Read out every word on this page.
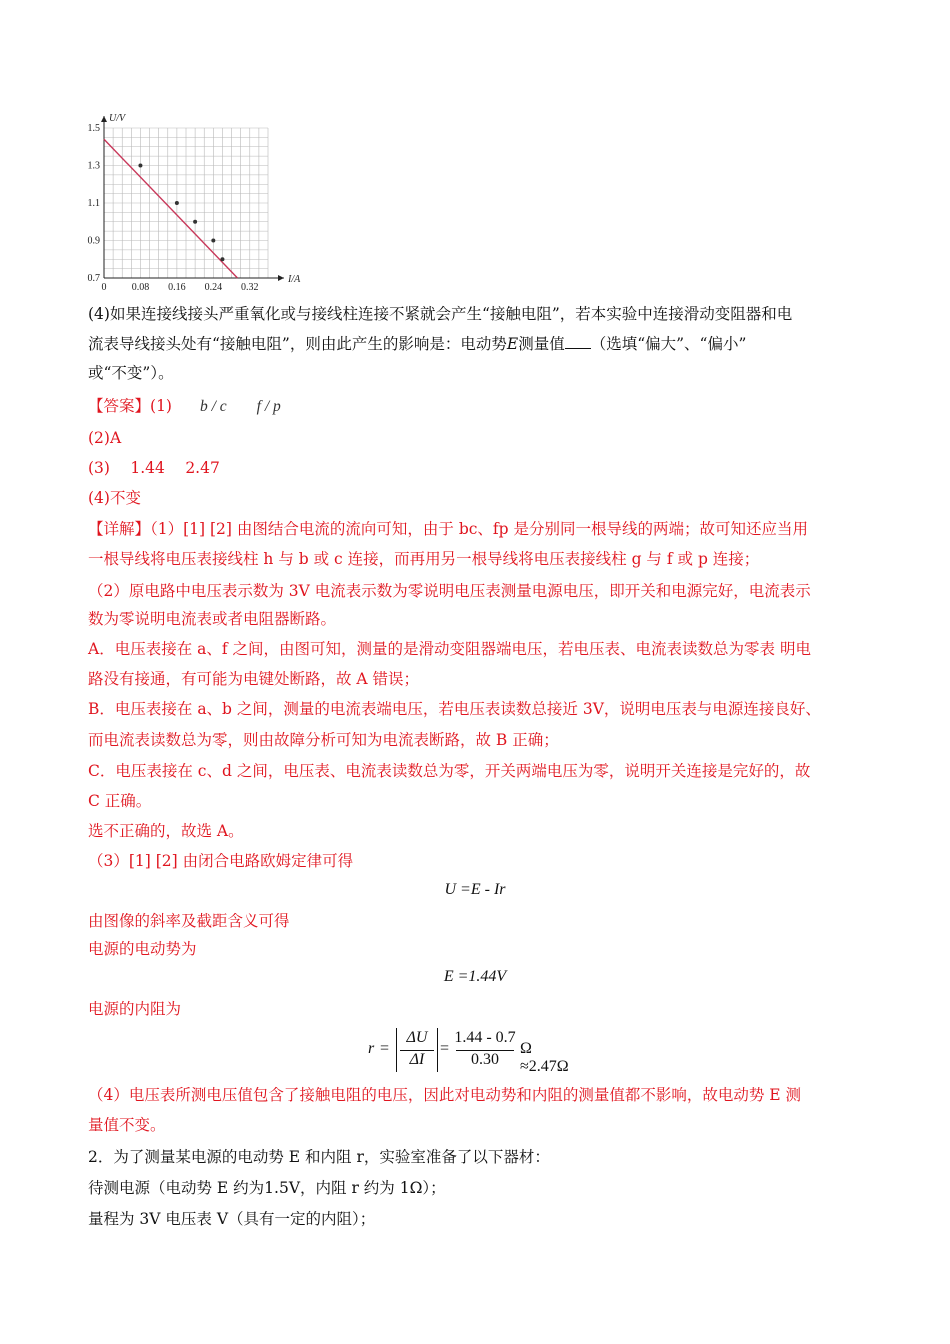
0	0.08 0.16 0.24 0.32
1.5
1.3
1.1
0.9
0.7
U/V
I/A
(4)如果连接线接头严重氧化或与接线柱连接不紧就会产生“接触电阻”，若本实验中连接滑动变阻器和电
流表导线接头处有“接触电阻”，则由此产生的影响是：电动势E测量值 （选填“偏大”、“偏小”
或“不变”）。
【答案】(1) b / c f / p
(2)A
(3)　 1.44　 2.47
(4)不变
【详解】（1）[1] [2] 由图结合电流的流向可知，由于 bc、fp 是分别同一根导线的两端；故可知还应当用
一根导线将电压表接线柱 h 与 b 或 c 连接，而再用另一根导线将电压表接线柱 g 与 f 或 p 连接；
（2）原电路中电压表示数为 3V 电流表示数为零说明电压表测量电源电压，即开关和电源完好，电流表示
数为零说明电流表或者电阻器断路。
A．电压表接在 a、f 之间，由图可知，测量的是滑动变阻器端电压，若电压表、电流表读数总为零表 明电
路没有接通，有可能为电键处断路，故 A 错误；
B．电压表接在 a、b 之间，测量的电流表端电压，若电压表读数总接近 3V，说明电压表与电源连接良好、
而电流表读数总为零，则由故障分析可知为电流表断路，故 B 正确；
C．电压表接在 c、d 之间，电压表、电流表读数总为零，开关两端电压为零，说明开关连接是完好的，故
C 正确。
选不正确的，故选 A。
（3）[1] [2] 由闭合电路欧姆定律可得
U =E - Ir
由图像的斜率及截距含义可得
电源的电动势为
E =1.44V
电源的内阻为
r =
ΔU
ΔI
=
1.44 - 0.7
0.30
Ω ≈2.47Ω
（4）电压表所测电压值包含了接触电阻的电压，因此对电动势和内阻的测量值都不影响，故电动势 E 测
量值不变。
2．为了测量某电源的电动势 E 和内阻 r，实验室准备了以下器材：
待测电源（电动势 E 约为1.5V，内阻 r 约为 1Ω）；
量程为 3V 电压表 V（具有一定的内阻）；
